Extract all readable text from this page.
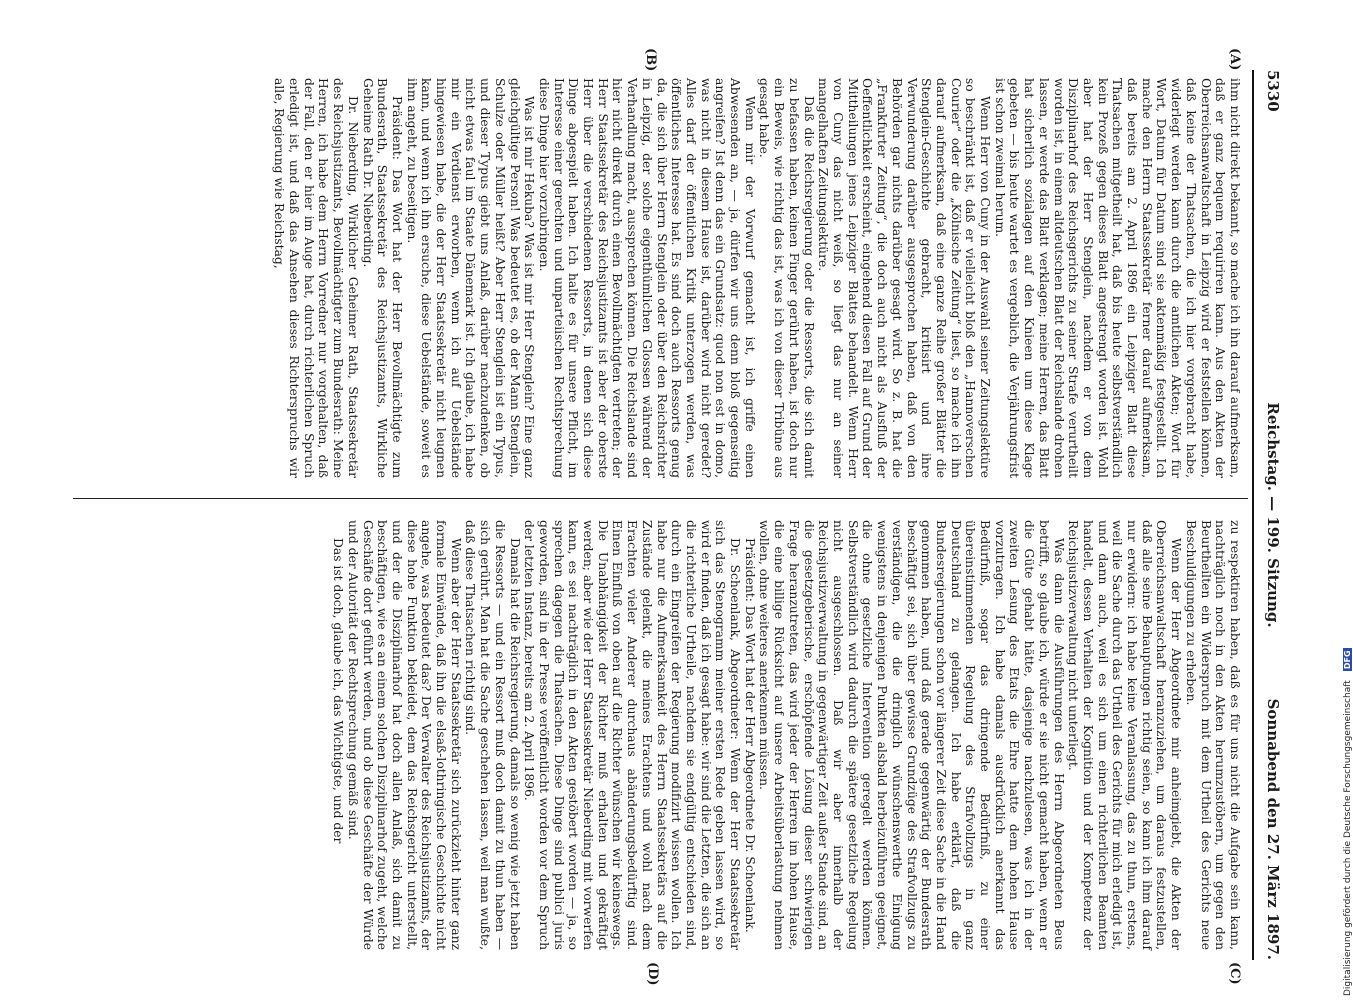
5330
Reichstag. — 199. Sitzung.
Sonnabend den 27. März 1897.
(A)
(B)
(C)
(D)

ihm nicht direkt bekannt, so mache ich ihn darauf aufmerksam, daß er ganz bequem requiriren kann. Aus den Akten der Oberreichsanwaltschaft in Leipzig wird er feststellen können, daß keine der Thatsachen, die ich hier vorgebracht habe, widerlegt werden kann durch die amtlichen Akten; Wort für Wort, Datum für Datum sind sie aktenmäßig festgestellt. Ich mache den Herrn Staatssekretär ferner darauf aufmerksam, daß bereits am 2. April 1896 ein Leipziger Blatt diese Thatsachen mitgetheilt hat, daß bis heute selbstverständlich kein Prozeß gegen dieses Blatt angestrengt worden ist. Wohl aber hat der Herr Stenglein, nachdem er von dem Disziplinarhof des Reichsgerichts zu seiner Strafe verurtheilt worden ist, in einem altdeutschen Blatt der Reichslande drohen lassen, er werde das Blatt verklagen; meine Herren, das Blatt hat sicherlich sozialagen auf den Knieen um diese Klage gebeten — bis heute wartet es vergeblich, die Verjährungsfrist ist schon zweimal herum.

Wenn Herr von Cuny in der Auswahl seiner Zeitungslektüre so beschränkt ist, daß er vielleicht bloß den „Hannoverschen Courier“ oder die „Kölnische Zeitung“ liest, so mache ich ihn darauf aufmerksam, daß eine ganze Reihe großer Blätter die Stenglein-Geschichte gebracht, kritisirt und ihre Verwunderung darüber ausgesprochen haben, daß von den Behörden gar nichts darüber gesagt wird. So z. B. hat die „Frankfurter Zeitung“, die doch auch nicht als Ausfluß der Oeffentlichkeit erscheint, eingehend diesen Fall auf Grund der Mittheilungen jenes Leipziger Blattes behandelt. Wenn Herr von Cuny das nicht weiß, so liegt das nur an seiner mangelhaften Zeitungslektüre.

Daß die Reichsregierung oder die Ressorts, die sich damit zu befassen haben, keinen Finger gerührt haben, ist doch nur ein Beweis, wie richtig das ist, was ich von dieser Tribüne aus gesagt habe.

Wenn mir der Vorwurf gemacht ist, ich griffe einen Abwesenden an, — ja, dürfen wir uns denn bloß gegenseitig angreifen? Ist denn das ein Grundsatz: quod non est in domo, was nicht in diesem Hause ist, darüber wird nicht geredet? Alles darf der öffentlichen Kritik unterzogen werden, was öffentliches Interesse hat. Es sind doch auch Ressorts genug da, die sich über Herrn Stenglein oder über den Reichsrichter in Leipzig, der solche eigenthümlichen Glossen während der Verhandlung macht, aussprechen können. Die Reichslande sind hier nicht direkt durch einen Bevollmächtigten vertreten; der Herr Staatssekretär des Reichsjustizamts ist aber der oberste Herr über die verschiedenen Ressorts, in denen sich diese Dinge abgespielt haben. Ich halte es für unsere Pflicht, im Interesse einer gerechten und unparteiischen Rechtsprechung diese Dinge hier vorzubringen.

Was ist mir Hekuba? Was ist mir Herr Stenglein? Eine ganz gleichgültige Person! Was bedeutet es, ob der Mann Stenglein, Schulze oder Müller heißt? Aber Herr Stenglein ist ein Typus, und dieser Typus giebt uns Anlaß, darüber nachzudenken, ob nicht etwas faul im Staate Dänemark ist. Ich glaube, ich habe mir ein Verdienst erworben, wenn ich auf Uebelstände hingewiesen habe, die der Herr Staatssekretär nicht leugnen kann, und wenn ich ihn ersuche, diese Uebelstände, soweit es ihm angeht, zu beseitigen.

Präsident: Das Wort hat der Herr Bevollmächtigte zum Bundesrath, Staatssekretär des Reichsjustizamts, Wirkliche Geheime Rath Dr. Nieberding.

Dr. Nieberding, Wirklicher Geheimer Rath, Staatssekretär des Reichsjustizamts, Bevollmächtigter zum Bundesrath: Meine Herren, ich habe dem Herrn Vorredner nur vorgehalten, daß der Fall, den er hier im Auge hat, durch richterlichen Spruch erledigt ist, und daß das Ansehen dieses Richterspruchs wir alle, Regierung wie Reichstag,

zu respektiren haben, daß es für uns nicht die Aufgabe sein kann, nachträglich noch in den Akten herumzustöbern, um gegen den Beurtheilten ein Widerspruch mit dem Urtheil des Gerichts neue Beschuldigungen zu erheben.

Wenn der Herr Abgeordnete mir anheimgiebt, die Akten der Oberreichsanwaltschaft heranzuziehen, um daraus festzustellen, daß alle seine Behauptungen richtig seien, so kann ich ihm darauf nur erwidern: ich habe keine Veranlassung, das zu thun, erstens, weil die Sache durch das Urtheil des Gerichts für mich erledigt ist, und dann auch, weil es sich um einen richterlichen Beamten handelt, dessen Verhalten der Kognition und der Kompetenz der Reichsjustizverwaltung nicht unterliegt.

Was dann die Ausführungen des Herrn Abgeordneten Beus betrifft, so glaube ich, würde er sie nicht gemacht haben, wenn er die Güte gehabt hätte, dasjenige nachzulesen, was ich in der zweiten Lesung des Etats die Ehre hatte dem hohen Hause vorzutragen. Ich habe damals ausdrücklich anerkannt das Bedürfniß, sogar das dringende Bedürfniß, zu einer übereinstimmenden Regelung des Strafvollzugs in ganz Deutschland zu gelangen. Ich habe erklärt, daß die Bundesregierungen schon vor längerer Zeit diese Sache in die Hand genommen haben, und daß gerade gegenwärtig der Bundesrath beschäftigt sei, sich über gewisse Grundzüge des Strafvollzugs zu verständigen, die die dringlich wünschenswerthe Einigung wenigstens in denjenigen Punkten alsbald herbeizuführen geeignet, die ohne gesetzliche Intervention geregelt werden können. Selbstverständlich wird dadurch die spätere gesetzliche Regelung nicht ausgeschlossen. Daß wir aber innerhalb der Reichsjustizverwaltung in gegenwärtiger Zeit außer Stande sind, an die gesetzgeberische, erschöpfende Lösung dieser schwierigen Frage heranzutreten, das wird jeder der Herren im hohen Hause, die eine billige Rücksicht auf unsere Arbeitsüberlastung nehmen wollen, ohne weiteres anerkennen müssen.

Präsident: Das Wort hat der Herr Abgeordnete Dr. Schoenlank.

Dr. Schoenlank, Abgeordneter: Wenn der Herr Staatssekretär sich das Stenogramm meiner ersten Rede geben lassen wird, so wird er finden, daß ich gesagt habe: wir sind die Letzten, die sich an die richterliche Urtheile, nachdem sie endgültig entschieden sind, durch ein Eingreifen der Regierung modifizirt wissen wollen. Ich habe nur die Aufmerksamkeit des Herrn Staatssekretärs auf die Zustände gelenkt, die meines Erachtens und wohl nach dem Erachten vieler Anderer durchaus abänderungsbedürftig sind. Einen Einfluß von oben auf die Richter wünschen wir keineswegs. Die Unabhängigkeit der Richter muß erhalten und gekräftigt werden; aber wie der Herr Staatssekretär Nieberding mit vorwerfen kann, es sei nachträglich in den Akten gestöbert worden — ja, so sprechen dagegen die Thatsachen. Diese Dinge sind publici juris geworden, sind in der Presse veröffentlicht worden vor dem Spruch der letzten Instanz, bereits am 2. April 1896.

Damals hat die Reichsregierung, damals so wenig wie jetzt haben die Ressorts — und ein Ressort muß doch damit zu thun haben — sich gerührt. Man hat die Sache geschehen lassen, weil man wußte, daß diese Thatsachen richtig sind.

Wenn aber der Herr Staatssekretär sich zurückzieht hinter ganz formale Einwände, daß ihn die elsaß-lothringische Geschichte nicht angehe, was bedeutet das? Der Verwalter des Reichsjustizamts, der diese hohe Funktion bekleidet, dem das Reichsgericht unterstellt, und der die Disziplinarhof hat doch allen Anlaß, sich damit zu beschäftigen, wie es an einem solchen Disziplinarhof zugeht, welche Geschäfte dort geführt werden, und ob diese Geschäfte der Würde und der Autorität der Rechtsprechung gemäß sind.

Das ist doch, glaube ich, das Wichtigste, und der	Digitalisierung gefördert durch die Deutsche Forschungsgemeinschaft DFG
